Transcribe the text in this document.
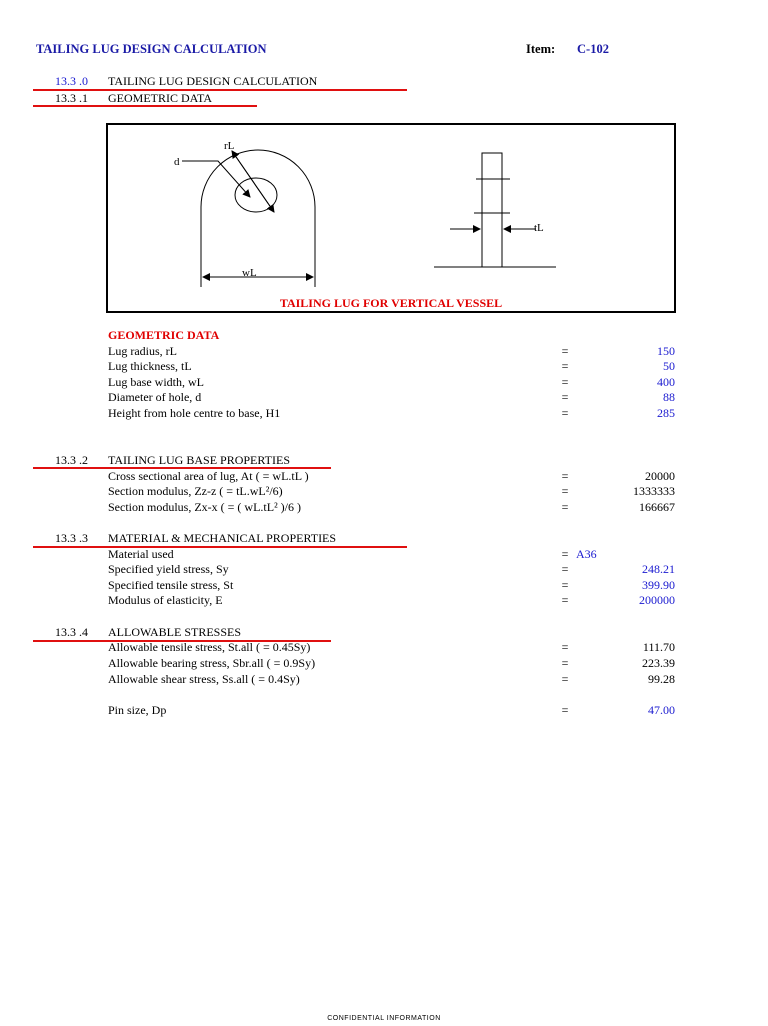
TAILING LUG DESIGN CALCULATION	Item: C-102
13.3 .0 TAILING LUG DESIGN CALCULATION
13.3 .1 GEOMETRIC DATA
rL
d
wL
tL
TAILING LUG FOR VERTICAL VESSEL
GEOMETRIC DATA
Lug radius, rL	=	150
Lug thickness, tL	=	50
Lug base width, wL	=	400
Diameter of hole, d	=	88
Height from hole centre to base, H1	=	285
13.3 .2 TAILING LUG BASE PROPERTIES
Cross sectional area of lug, At ( = wL.tL )	=	20000
Section modulus, Zz-z ( = tL.wL²/6)	=	1333333
Section modulus, Zx-x ( = ( wL.tL² )/6 )	=	166667
13.3 .3 MATERIAL & MECHANICAL PROPERTIES
Material used	= A36
Specified yield stress, Sy	=	248.21
Specified tensile stress, St	=	399.90
Modulus of elasticity, E	=	200000
13.3 .4 ALLOWABLE STRESSES
Allowable tensile stress, St.all ( = 0.45Sy)	=	111.70
Allowable bearing stress, Sbr.all ( = 0.9Sy)	=	223.39
Allowable shear stress, Ss.all ( = 0.4Sy)	=	99.28
Pin size, Dp	=	47.00
CONFIDENTIAL INFORMATION
